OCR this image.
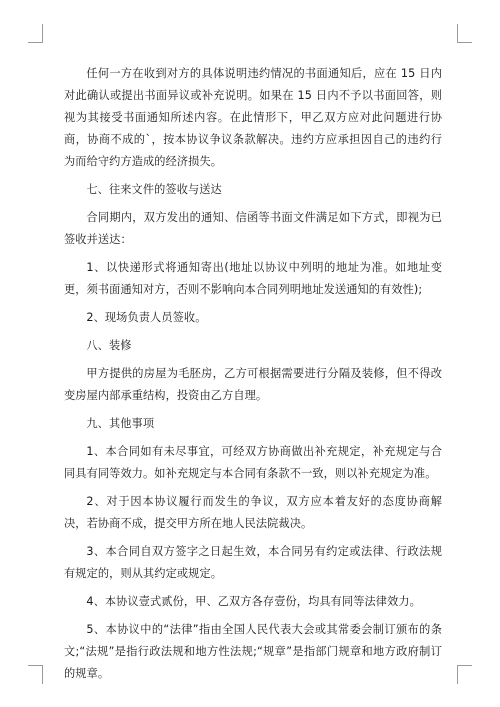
任何一方在收到对方的具体说明违约情况的书面通知后，应在 15 日内对此确认或提出书面异议或补充说明。如果在 15 日内不予以书面回答，则视为其接受书面通知所述内容。在此情形下，甲乙双方应对此问题进行协商，协商不成的`，按本协议争议条款解决。违约方应承担因自己的违约行为而给守约方造成的经济损失。

七、往来文件的签收与送达

合同期内，双方发出的通知、信函等书面文件满足如下方式，即视为已签收并送达：

1、以快递形式将通知寄出(地址以协议中列明的地址为准。如地址变更，须书面通知对方，否则不影响向本合同列明地址发送通知的有效性);

2、现场负责人员签收。

八、装修

甲方提供的房屋为毛胚房，乙方可根据需要进行分隔及装修，但不得改变房屋内部承重结构，投资由乙方自理。

九、其他事项

1、本合同如有未尽事宜，可经双方协商做出补充规定，补充规定与合同具有同等效力。如补充规定与本合同有条款不一致，则以补充规定为准。

2、对于因本协议履行而发生的争议，双方应本着友好的态度协商解决，若协商不成，提交甲方所在地人民法院裁决。

3、本合同自双方签字之日起生效，本合同另有约定或法律、行政法规有规定的，则从其约定或规定。

4、本协议壹式贰份，甲、乙双方各存壹份，均具有同等法律效力。

5、本协议中的“法律”指由全国人民代表大会或其常委会制订颁布的条文;“法规”是指行政法规和地方性法规;“规章”是指部门规章和地方政府制订的规章。
